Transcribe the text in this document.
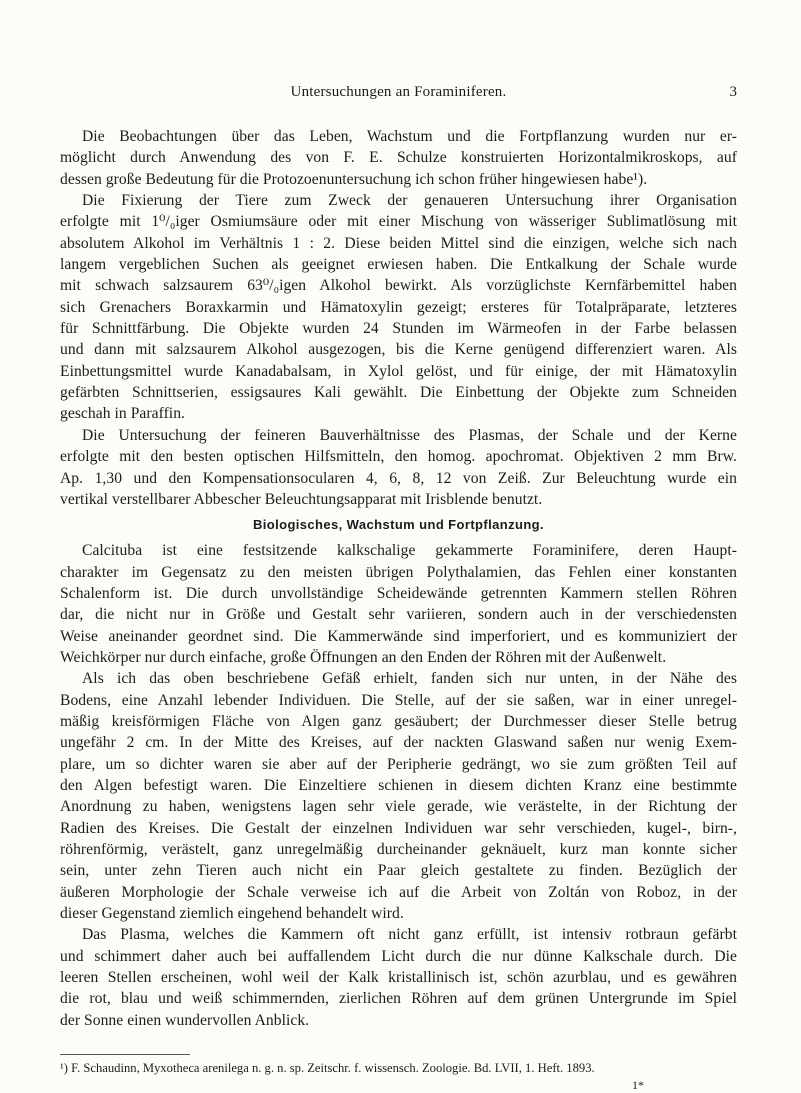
Untersuchungen an Foraminiferen.	3
Die Beobachtungen über das Leben, Wachstum und die Fortpflanzung wurden nur er-
möglicht durch Anwendung des von F. E. Schulze konstruierten Horizontalmikroskops, auf
dessen große Bedeutung für die Protozoenuntersuchung ich schon früher hingewiesen habe¹).
Die Fixierung der Tiere zum Zweck der genaueren Untersuchung ihrer Organisation
erfolgte mit 1⁰/₀iger Osmiumsäure oder mit einer Mischung von wässeriger Sublimatlösung mit
absolutem Alkohol im Verhältnis 1 : 2. Diese beiden Mittel sind die einzigen, welche sich nach
langem vergeblichen Suchen als geeignet erwiesen haben. Die Entkalkung der Schale wurde
mit schwach salzsaurem 63⁰/₀igen Alkohol bewirkt. Als vorzüglichste Kernfärbemittel haben
sich Grenachers Boraxkarmin und Hämatoxylin gezeigt; ersteres für Totalpräparate, letzteres
für Schnittfärbung. Die Objekte wurden 24 Stunden im Wärmeofen in der Farbe belassen
und dann mit salzsaurem Alkohol ausgezogen, bis die Kerne genügend differenziert waren. Als
Einbettungsmittel wurde Kanadabalsam, in Xylol gelöst, und für einige, der mit Hämatoxylin
gefärbten Schnittserien, essigsaures Kali gewählt. Die Einbettung der Objekte zum Schneiden
geschah in Paraffin.
Die Untersuchung der feineren Bauverhältnisse des Plasmas, der Schale und der Kerne
erfolgte mit den besten optischen Hilfsmitteln, den homog. apochromat. Objektiven 2 mm Brw.
Ap. 1,30 und den Kompensationsocularen 4, 6, 8, 12 von Zeiß. Zur Beleuchtung wurde ein
vertikal verstellbarer Abbescher Beleuchtungsapparat mit Irisblende benutzt.
Biologisches, Wachstum und Fortpflanzung.
Calcituba ist eine festsitzende kalkschalige gekammerte Foraminifere, deren Haupt-
charakter im Gegensatz zu den meisten übrigen Polythalamien, das Fehlen einer konstanten
Schalenform ist. Die durch unvollständige Scheidewände getrennten Kammern stellen Röhren
dar, die nicht nur in Größe und Gestalt sehr variieren, sondern auch in der verschiedensten
Weise aneinander geordnet sind. Die Kammerwände sind imperforiert, und es kommuniziert der
Weichkörper nur durch einfache, große Öffnungen an den Enden der Röhren mit der Außenwelt.
Als ich das oben beschriebene Gefäß erhielt, fanden sich nur unten, in der Nähe des
Bodens, eine Anzahl lebender Individuen. Die Stelle, auf der sie saßen, war in einer unregel-
mäßig kreisförmigen Fläche von Algen ganz gesäubert; der Durchmesser dieser Stelle betrug
ungefähr 2 cm. In der Mitte des Kreises, auf der nackten Glaswand saßen nur wenig Exem-
plare, um so dichter waren sie aber auf der Peripherie gedrängt, wo sie zum größten Teil auf
den Algen befestigt waren. Die Einzeltiere schienen in diesem dichten Kranz eine bestimmte
Anordnung zu haben, wenigstens lagen sehr viele gerade, wie verästelte, in der Richtung der
Radien des Kreises. Die Gestalt der einzelnen Individuen war sehr verschieden, kugel-, birn-,
röhrenförmig, verästelt, ganz unregelmäßig durcheinander geknäuelt, kurz man konnte sicher
sein, unter zehn Tieren auch nicht ein Paar gleich gestaltete zu finden. Bezüglich der
äußeren Morphologie der Schale verweise ich auf die Arbeit von Zoltán von Roboz, in der
dieser Gegenstand ziemlich eingehend behandelt wird.
Das Plasma, welches die Kammern oft nicht ganz erfüllt, ist intensiv rotbraun gefärbt
und schimmert daher auch bei auffallendem Licht durch die nur dünne Kalkschale durch. Die
leeren Stellen erscheinen, wohl weil der Kalk kristallinisch ist, schön azurblau, und es gewähren
die rot, blau und weiß schimmernden, zierlichen Röhren auf dem grünen Untergrunde im Spiel
der Sonne einen wundervollen Anblick.
¹) F. Schaudinn, Myxotheca arenilega n. g. n. sp. Zeitschr. f. wissensch. Zoologie. Bd. LVII, 1. Heft. 1893.
1*
